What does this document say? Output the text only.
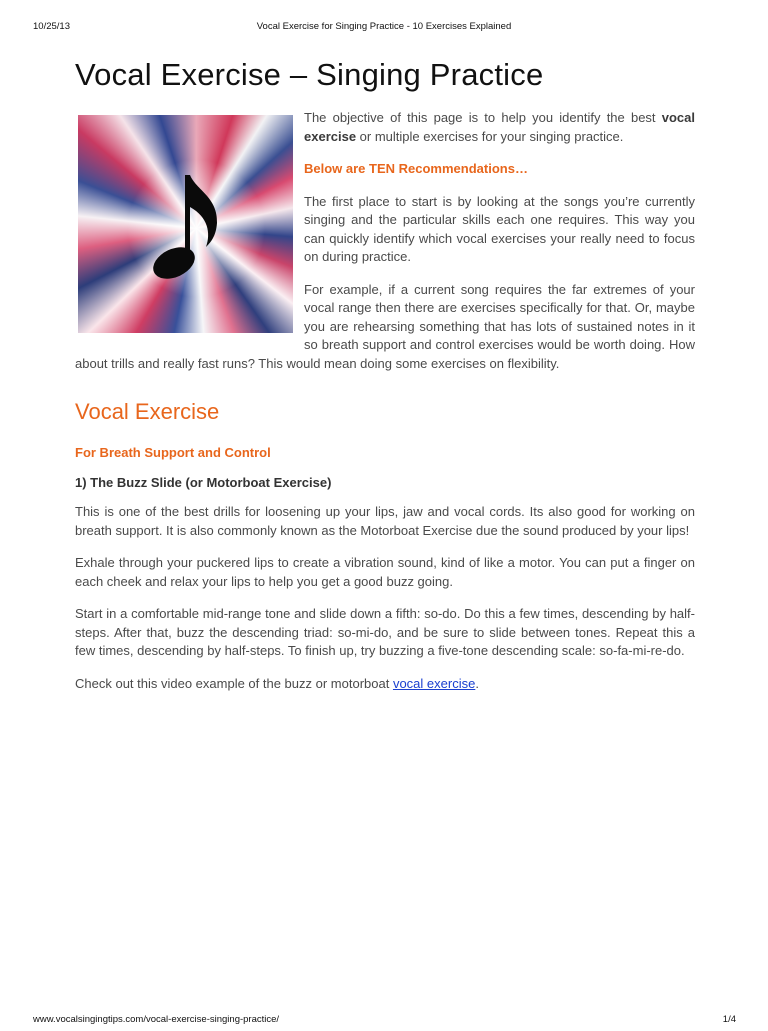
10/25/13	Vocal Exercise for Singing Practice - 10 Exercises Explained
Vocal Exercise – Singing Practice

The objective of this page is to help you identify the best vocal exercise or multiple exercises for your singing practice.

Below are TEN Recommendations…

The first place to start is by looking at the songs you’re currently singing and the particular skills each one requires. This way you can quickly identify which vocal exercises your really need to focus on during practice.

For example, if a current song requires the far extremes of your vocal range then there are exercises specifically for that. Or, maybe you are rehearsing something that has lots of sustained notes in it so breath support and control exercises would be worth doing. How about trills and really fast runs? This would mean doing some exercises on flexibility.

Vocal Exercise
For Breath Support and Control
1) The Buzz Slide (or Motorboat Exercise)

This is one of the best drills for loosening up your lips, jaw and vocal cords. Its also good for working on breath support. It is also commonly known as the Motorboat Exercise due the sound produced by your lips!

Exhale through your puckered lips to create a vibration sound, kind of like a motor. You can put a finger on each cheek and relax your lips to help you get a good buzz going.

Start in a comfortable mid-range tone and slide down a fifth: so-do. Do this a few times, descending by half-steps. After that, buzz the descending triad: so-mi-do, and be sure to slide between tones. Repeat this a few times, descending by half-steps. To finish up, try buzzing a five-tone descending scale: so-fa-mi-re-do.

Check out this video example of the buzz or motorboat vocal exercise.

www.vocalsingingtips.com/vocal-exercise-singing-practice/	1/4
